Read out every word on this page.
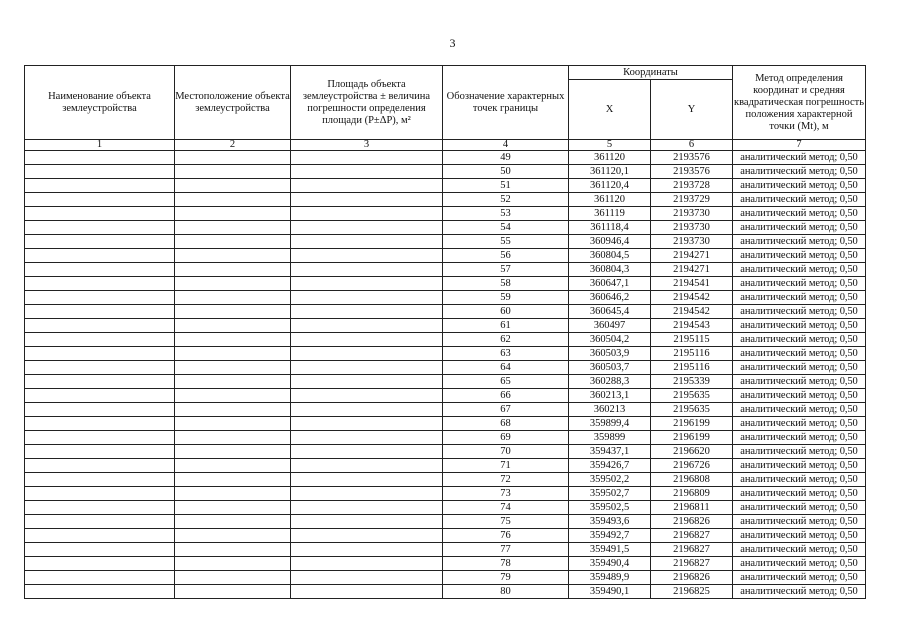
3
Наименование объекта землеустройства	Местоположение объекта землеустройства	Площадь объекта землеустройства ± величина погрешности определения площади (P±ΔP), м²	Обозначение характерных точек границы	Координаты		Метод определения координат и средняя квадратическая погрешность положения характерной точки (Mt), м
				X	Y	
1	2	3	4	5	6	7
			49	361120	2193576	аналитический метод; 0,50
			50	361120,1	2193576	аналитический метод; 0,50
			51	361120,4	2193728	аналитический метод; 0,50
			52	361120	2193729	аналитический метод; 0,50
			53	361119	2193730	аналитический метод; 0,50
			54	361118,4	2193730	аналитический метод; 0,50
			55	360946,4	2193730	аналитический метод; 0,50
			56	360804,5	2194271	аналитический метод; 0,50
			57	360804,3	2194271	аналитический метод; 0,50
			58	360647,1	2194541	аналитический метод; 0,50
			59	360646,2	2194542	аналитический метод; 0,50
			60	360645,4	2194542	аналитический метод; 0,50
			61	360497	2194543	аналитический метод; 0,50
			62	360504,2	2195115	аналитический метод; 0,50
			63	360503,9	2195116	аналитический метод; 0,50
			64	360503,7	2195116	аналитический метод; 0,50
			65	360288,3	2195339	аналитический метод; 0,50
			66	360213,1	2195635	аналитический метод; 0,50
			67	360213	2195635	аналитический метод; 0,50
			68	359899,4	2196199	аналитический метод; 0,50
			69	359899	2196199	аналитический метод; 0,50
			70	359437,1	2196620	аналитический метод; 0,50
			71	359426,7	2196726	аналитический метод; 0,50
			72	359502,2	2196808	аналитический метод; 0,50
			73	359502,7	2196809	аналитический метод; 0,50
			74	359502,5	2196811	аналитический метод; 0,50
			75	359493,6	2196826	аналитический метод; 0,50
			76	359492,7	2196827	аналитический метод; 0,50
			77	359491,5	2196827	аналитический метод; 0,50
			78	359490,4	2196827	аналитический метод; 0,50
			79	359489,9	2196826	аналитический метод; 0,50
			80	359490,1	2196825	аналитический метод; 0,50
